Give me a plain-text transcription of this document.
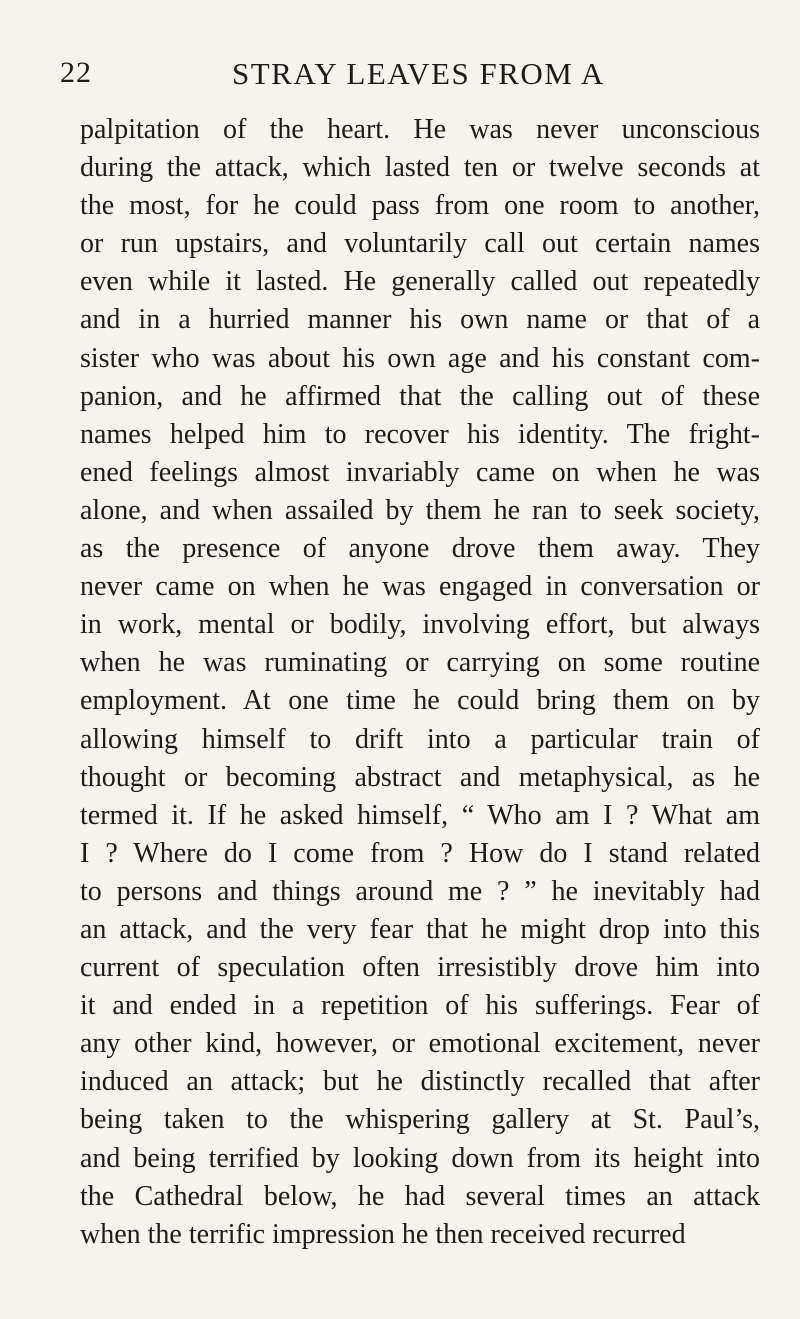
22	STRAY LEAVES FROM A
palpitation of the heart. He was never unconscious
during the attack, which lasted ten or twelve seconds at
the most, for he could pass from one room to another,
or run upstairs, and voluntarily call out certain names
even while it lasted. He generally called out repeatedly
and in a hurried manner his own name or that of a
sister who was about his own age and his constant com-
panion, and he affirmed that the calling out of these
names helped him to recover his identity. The fright-
ened feelings almost invariably came on when he was
alone, and when assailed by them he ran to seek society,
as the presence of anyone drove them away. They
never came on when he was engaged in conversation or
in work, mental or bodily, involving effort, but always
when he was ruminating or carrying on some routine
employment. At one time he could bring them on by
allowing himself to drift into a particular train of
thought or becoming abstract and metaphysical, as he
termed it. If he asked himself, “ Who am I ? What am
I ? Where do I come from ? How do I stand related
to persons and things around me ? ” he inevitably had
an attack, and the very fear that he might drop into this
current of speculation often irresistibly drove him into
it and ended in a repetition of his sufferings. Fear of
any other kind, however, or emotional excitement, never
induced an attack; but he distinctly recalled that after
being taken to the whispering gallery at St. Paul’s,
and being terrified by looking down from its height into
the Cathedral below, he had several times an attack
when the terrific impression he then received recurred
